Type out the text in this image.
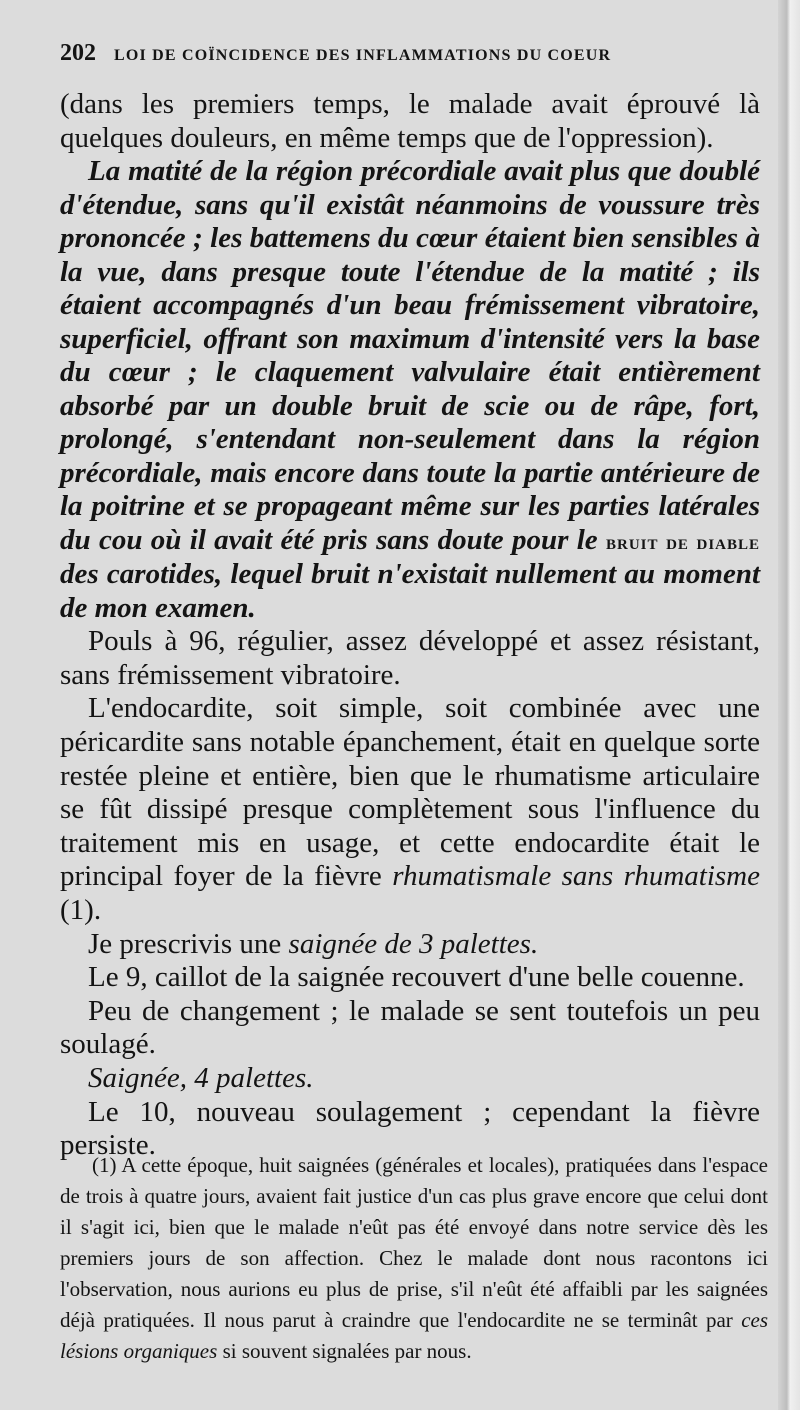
202 LOI DE COÏNCIDENCE DES INFLAMMATIONS DU COEUR

(dans les premiers temps, le malade avait éprouvé là quelques douleurs, en même temps que de l'oppression).

La matité de la région précordiale avait plus que doublé d'étendue, sans qu'il existât néanmoins de voussure très prononcée ; les battemens du cœur étaient bien sensibles à la vue, dans presque toute l'étendue de la matité ; ils étaient accompagnés d'un beau frémissement vibratoire, superficiel, offrant son maximum d'intensité vers la base du cœur ; le claquement valvulaire était entièrement absorbé par un double bruit de scie ou de râpe, fort, prolongé, s'entendant non-seulement dans la région précordiale, mais encore dans toute la partie antérieure de la poitrine et se propageant même sur les parties latérales du cou où il avait été pris sans doute pour le bruit de diable des carotides, lequel bruit n'existait nullement au moment de mon examen.

Pouls à 96, régulier, assez développé et assez résistant, sans frémissement vibratoire.

L'endocardite, soit simple, soit combinée avec une péricardite sans notable épanchement, était en quelque sorte restée pleine et entière, bien que le rhumatisme articulaire se fût dissipé presque complètement sous l'influence du traitement mis en usage, et cette endocardite était le principal foyer de la fièvre rhumatismale sans rhumatisme (1).

Je prescrivis une saignée de 3 palettes.

Le 9, caillot de la saignée recouvert d'une belle couenne.

Peu de changement ; le malade se sent toutefois un peu soulagé.

Saignée, 4 palettes.

Le 10, nouveau soulagement ; cependant la fièvre persiste.

(1) A cette époque, huit saignées (générales et locales), pratiquées dans l'espace de trois à quatre jours, avaient fait justice d'un cas plus grave encore que celui dont il s'agit ici, bien que le malade n'eût pas été envoyé dans notre service dès les premiers jours de son affection. Chez le malade dont nous racontons ici l'observation, nous aurions eu plus de prise, s'il n'eût été affaibli par les saignées déjà pratiquées. Il nous parut à craindre que l'endocardite ne se terminât par ces lésions organiques si souvent signalées par nous.
